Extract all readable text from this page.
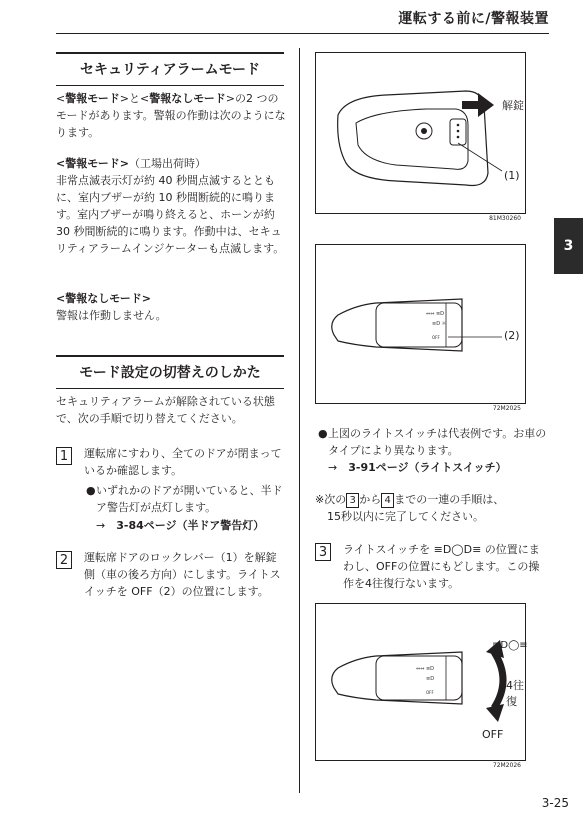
運転する前に/警報装置
3
3-25
セキュリティアラームモード

<警報モード>と<警報なしモード>の2 つのモードがあります。警報の作動は次のようになります。

<警報モード>（工場出荷時）

非常点滅表示灯が約 40 秒間点滅するとともに、室内ブザーが約 10 秒間断続的に鳴ります。室内ブザーが鳴り終えると、ホーンが約 30 秒間断続的に鳴ります。作動中は、セキュリティアラームインジケーターも点滅します。

<警報なしモード>

警報は作動しません。

モード設定の切替えのしかた

セキュリティアラームが解除されている状態で、次の手順で切り替えてください。

1	運転席にすわり、全てのドアが閉まっているか確認します。

● いずれかのドアが開いていると、半ドア警告灯が点灯します。

→　 3-84ページ（半ドア警告灯）
2	運転席ドアのロックレバー（1）を解錠側（車の後ろ方向）にします。ライトスイッチを OFF（2）の位置にします。

解錠
(1)
81M30260
⇔⇔ ≡D
≡D ☼
OFF	(2)
72M2025
● 上図のライトスイッチは代表例です。お車のタイプにより異なります。

→　 3-91ページ（ライトスイッチ）

※次の 3 から 4 までの一連の手順は、
15秒以内に完了してください。

3	ライトスイッチを ≡D◯D≡ の位置にまわし、OFFの位置にもどします。この操作を4往復行ないます。

⇔⇔ ≡D
≡D
OFF
≡D◯≡
4往復
OFF
72M2026
